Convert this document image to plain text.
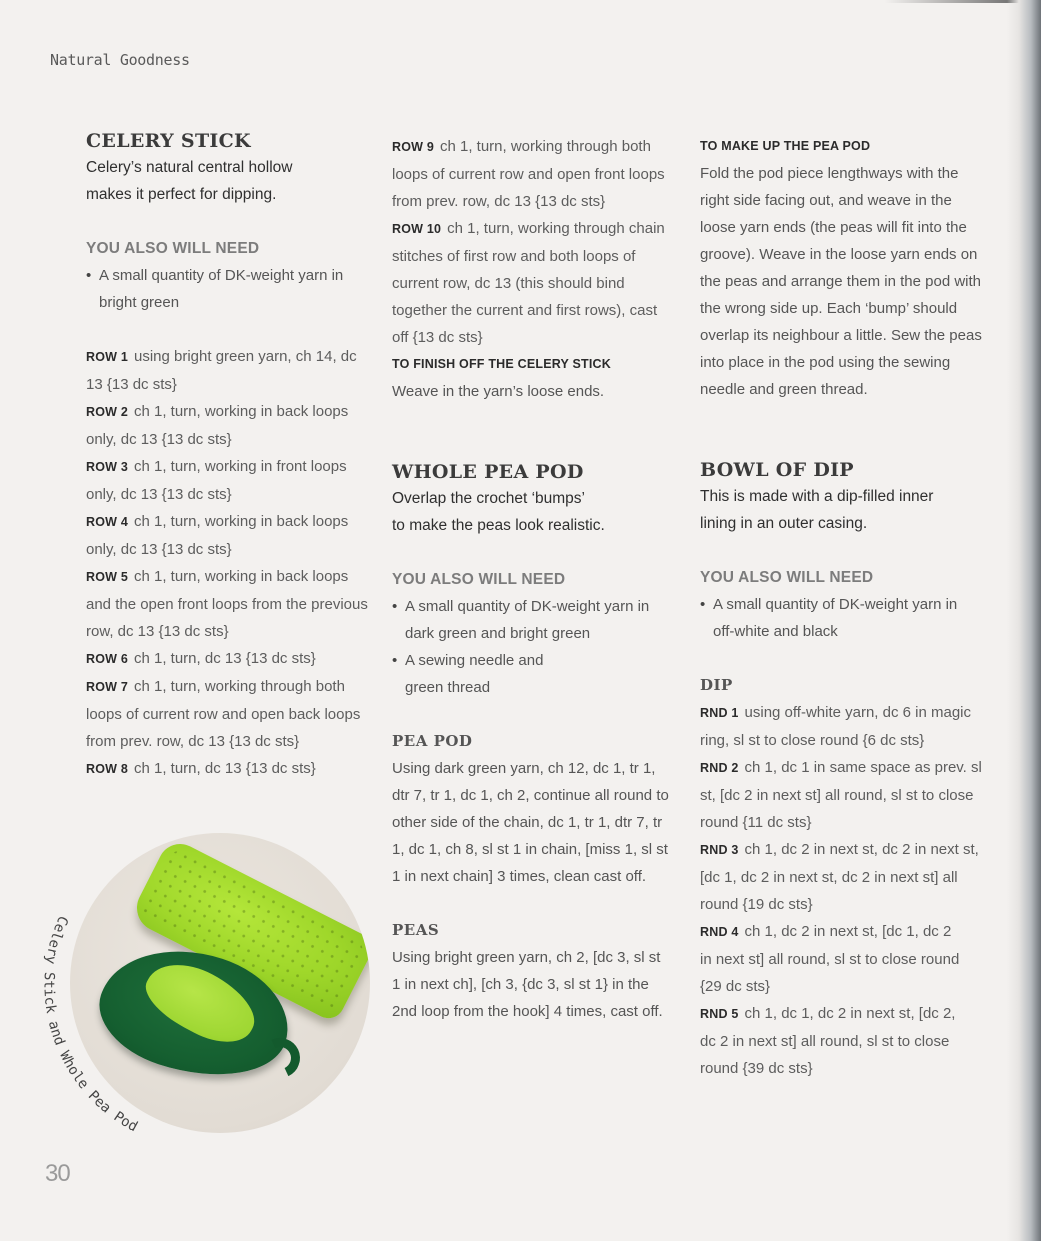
Natural Goodness
CELERY STICK

Celery’s natural central hollow

makes it perfect for dipping.

YOU ALSO WILL NEED
• A small quantity of DK-weight yarn in bright green
ROW 1 using bright green yarn, ch 14, dc 13 {13 dc sts}
ROW 2 ch 1, turn, working in back loops only, dc 13 {13 dc sts}
ROW 3 ch 1, turn, working in front loops only, dc 13 {13 dc sts}
ROW 4 ch 1, turn, working in back loops only, dc 13 {13 dc sts}
ROW 5 ch 1, turn, working in back loops and the open front loops from the previous row, dc 13 {13 dc sts}
ROW 6 ch 1, turn, dc 13 {13 dc sts}
ROW 7 ch 1, turn, working through both loops of current row and open back loops from prev. row, dc 13 {13 dc sts}
ROW 8 ch 1, turn, dc 13 {13 dc sts}
ROW 9 ch 1, turn, working through both loops of current row and open front loops from prev. row, dc 13 {13 dc sts}
ROW 10 ch 1, turn, working through chain stitches of first row and both loops of current row, dc 13 (this should bind together the current and first rows), cast off {13 dc sts}
TO FINISH OFF THE CELERY STICK

Weave in the yarn’s loose ends.

WHOLE PEA POD

Overlap the crochet ‘bumps’

to make the peas look realistic.

YOU ALSO WILL NEED
• A small quantity of DK-weight yarn in dark green and bright green
• A sewing needle and green thread
PEA POD

Using dark green yarn, ch 12, dc 1, tr 1, dtr 7, tr 1, dc 1, ch 2, continue all round to other side of the chain, dc 1, tr 1, dtr 7, tr 1, dc 1, ch 8, sl st 1 in chain, [miss 1, sl st 1 in next chain] 3 times, clean cast off.

PEAS

Using bright green yarn, ch 2, [dc 3, sl st 1 in next ch], [ch 3, {dc 3, sl st 1} in the 2nd loop from the hook] 4 times, cast off.

TO MAKE UP THE PEA POD

Fold the pod piece lengthways with the right side facing out, and weave in the loose yarn ends (the peas will fit into the groove). Weave in the loose yarn ends on the peas and arrange them in the pod with the wrong side up. Each ‘bump’ should overlap its neighbour a little. Sew the peas into place in the pod using the sewing needle and green thread.

BOWL OF DIP

This is made with a dip-filled inner

lining in an outer casing.

YOU ALSO WILL NEED
• A small quantity of DK-weight yarn in off-white and black
DIP
RND 1 using off-white yarn, dc 6 in magic ring, sl st to close round {6 dc sts}
RND 2 ch 1, dc 1 in same space as prev. sl st, [dc 2 in next st] all round, sl st to close round {11 dc sts}
RND 3 ch 1, dc 2 in next st, dc 2 in next st, [dc 1, dc 2 in next st, dc 2 in next st] all round {19 dc sts}
RND 4 ch 1, dc 2 in next st, [dc 1, dc 2 in next st] all round, sl st to close round {29 dc sts}
RND 5 ch 1, dc 1, dc 2 in next st, [dc 2, dc 2 in next st] all round, sl st to close round {39 dc sts}
Celery Stick and Whole Pea Pod
30
